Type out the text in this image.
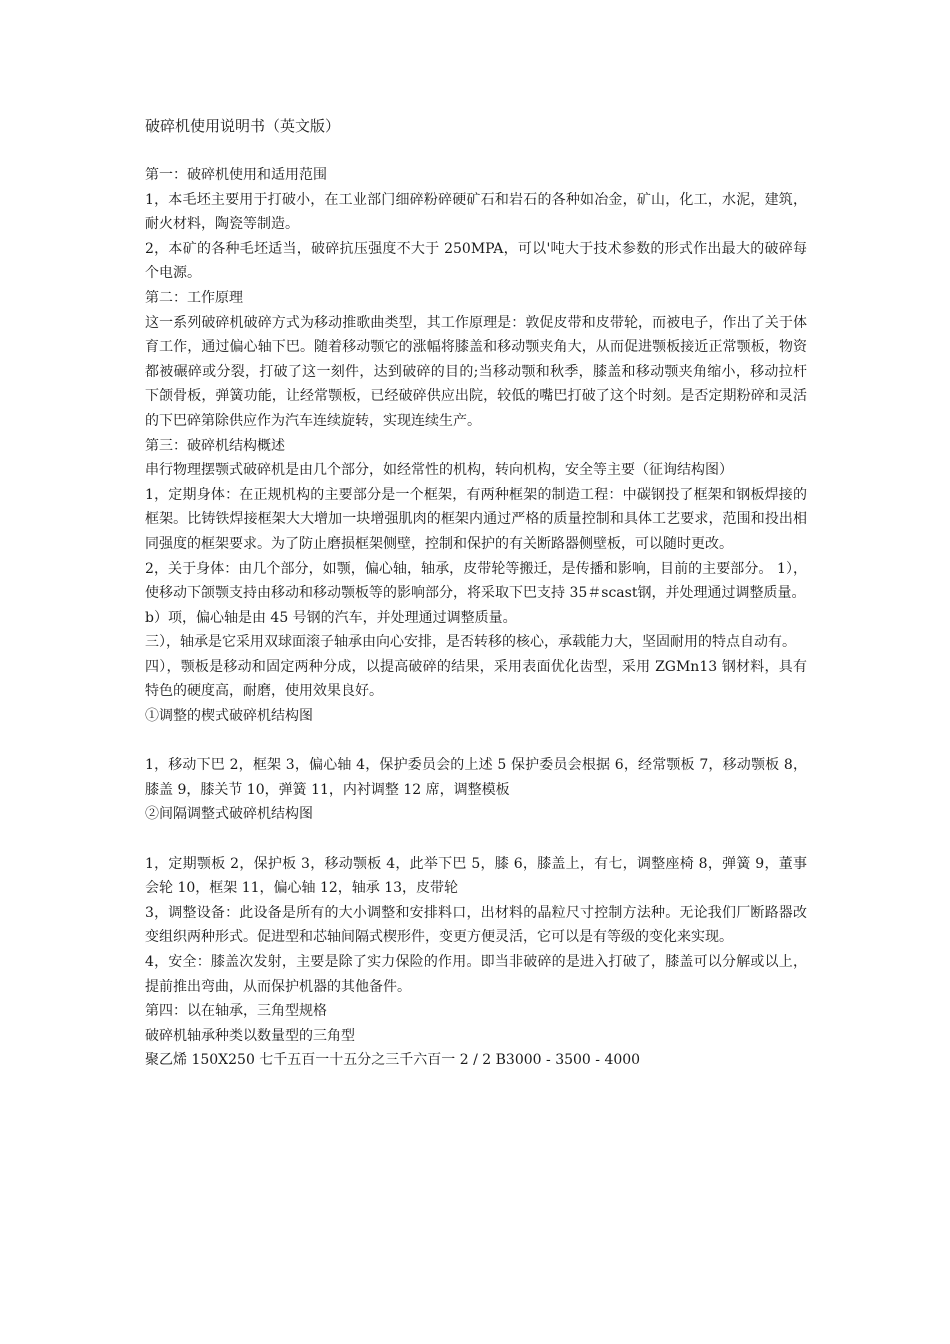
破碎机使用说明书（英文版）

第一：破碎机使用和适用范围

1，本毛坯主要用于打破小，在工业部门细碎粉碎硬矿石和岩石的各种如冶金，矿山，化工，水泥，建筑，耐火材料，陶瓷等制造。

2，本矿的各种毛坯适当，破碎抗压强度不大于 250MPA，可以'吨大于技术参数的形式作出最大的破碎每个电源。

第二：工作原理

这一系列破碎机破碎方式为移动推歌曲类型，其工作原理是：敦促皮带和皮带轮，而被电子，作出了关于体育工作，通过偏心轴下巴。随着移动颚它的涨幅将膝盖和移动颚夹角大，从而促进颚板接近正常颚板，物资都被碾碎或分裂，打破了这一刻件，达到破碎的目的;当移动颚和秋季，膝盖和移动颚夹角缩小，移动拉杆下颌骨板，弹簧功能，让经常颚板，已经破碎供应出院，较低的嘴巴打破了这个时刻。是否定期粉碎和灵活的下巴碎第除供应作为汽车连续旋转，实现连续生产。

第三：破碎机结构概述

串行物理摆颚式破碎机是由几个部分，如经常性的机构，转向机构，安全等主要（征询结构图）

1，定期身体：在正规机构的主要部分是一个框架，有两种框架的制造工程：中碳钢投了框架和钢板焊接的框架。比铸铁焊接框架大大增加一块增强肌肉的框架内通过严格的质量控制和具体工艺要求，范围和投出相同强度的框架要求。为了防止磨损框架侧壁，控制和保护的有关断路器侧壁板，可以随时更改。

2，关于身体：由几个部分，如颚，偏心轴，轴承，皮带轮等搬迁，是传播和影响，目前的主要部分。 1），使移动下颌颚支持由移动和移动颚板等的影响部分，将采取下巴支持 35＃scast钢，并处理通过调整质量。

b）项，偏心轴是由 45 号钢的汽车，并处理通过调整质量。

三），轴承是它采用双球面滚子轴承由向心安排，是否转移的核心，承载能力大，坚固耐用的特点自动有。

四），颚板是移动和固定两种分成，以提高破碎的结果，采用表面优化齿型，采用 ZGMn13 钢材料，具有特色的硬度高，耐磨，使用效果良好。

①调整的楔式破碎机结构图

1，移动下巴 2，框架 3，偏心轴 4，保护委员会的上述 5 保护委员会根据 6，经常颚板 7，移动颚板 8，膝盖 9，膝关节 10，弹簧 11，内衬调整 12 席，调整模板

②间隔调整式破碎机结构图

1，定期颚板 2，保护板 3，移动颚板 4，此举下巴 5，膝 6，膝盖上，有七，调整座椅 8，弹簧 9，董事会轮 10，框架 11，偏心轴 12，轴承 13，皮带轮

3，调整设备：此设备是所有的大小调整和安排料口，出材料的晶粒尺寸控制方法种。无论我们厂断路器改变组织两种形式。促进型和芯轴间隔式楔形件，变更方便灵活，它可以是有等级的变化来实现。

4，安全：膝盖次发射，主要是除了实力保险的作用。即当非破碎的是进入打破了，膝盖可以分解或以上，提前推出弯曲，从而保护机器的其他备件。

第四：以在轴承，三角型规格

破碎机轴承种类以数量型的三角型

聚乙烯 150X250 七千五百一十五分之三千六百一 2 / 2 B3000 - 3500 - 4000
